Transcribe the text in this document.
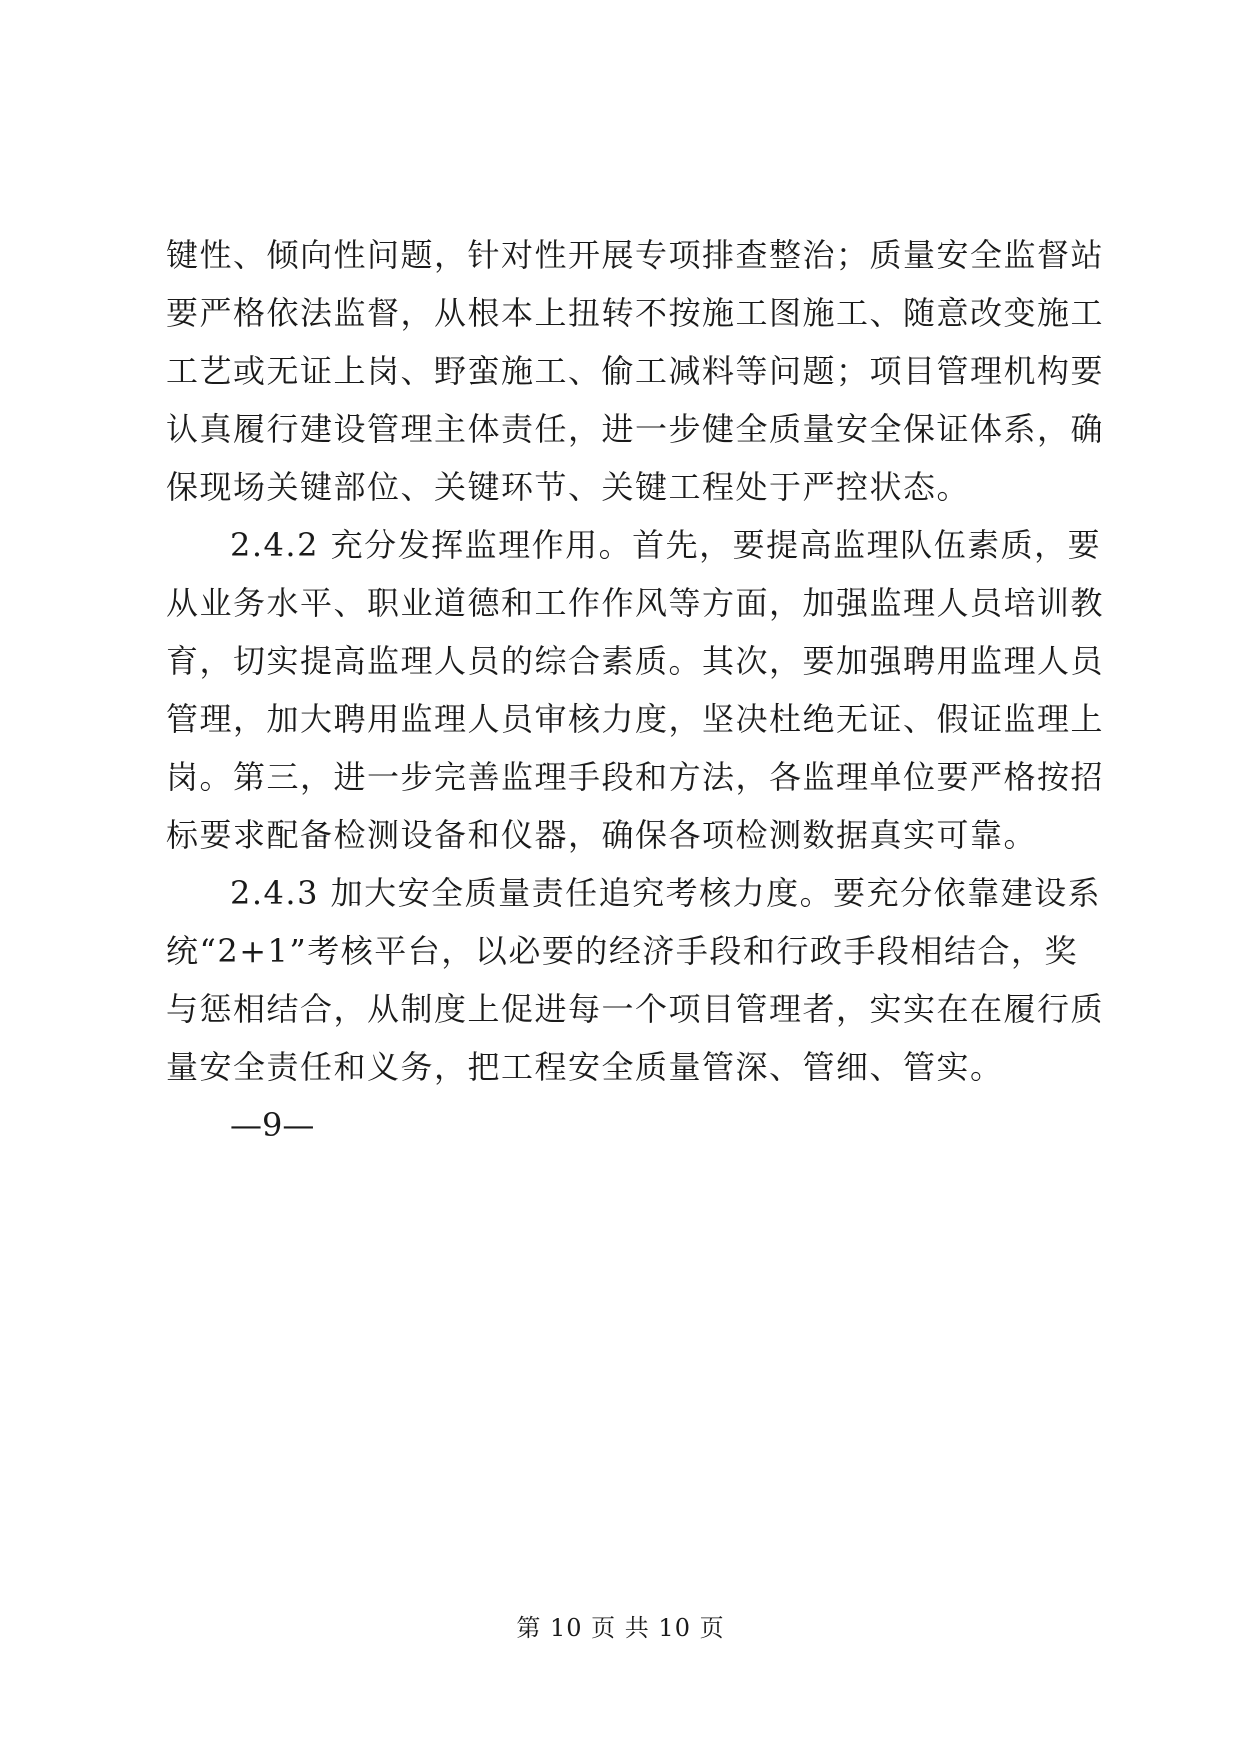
键性、倾向性问题，针对性开展专项排查整治；质量安全监督站
要严格依法监督，从根本上扭转不按施工图施工、随意改变施工
工艺或无证上岗、野蛮施工、偷工减料等问题；项目管理机构要
认真履行建设管理主体责任，进一步健全质量安全保证体系，确
保现场关键部位、关键环节、关键工程处于严控状态。
2.4.2 充分发挥监理作用。首先，要提高监理队伍素质，要
从业务水平、职业道德和工作作风等方面，加强监理人员培训教
育，切实提高监理人员的综合素质。其次，要加强聘用监理人员
管理，加大聘用监理人员审核力度，坚决杜绝无证、假证监理上
岗。第三，进一步完善监理手段和方法，各监理单位要严格按招
标要求配备检测设备和仪器，确保各项检测数据真实可靠。
2.4.3 加大安全质量责任追究考核力度。要充分依靠建设系
统“2+1”考核平台，以必要的经济手段和行政手段相结合，奖
与惩相结合，从制度上促进每一个项目管理者，实实在在履行质
量安全责任和义务，把工程安全质量管深、管细、管实。
—9—
第 10 页 共 10 页
